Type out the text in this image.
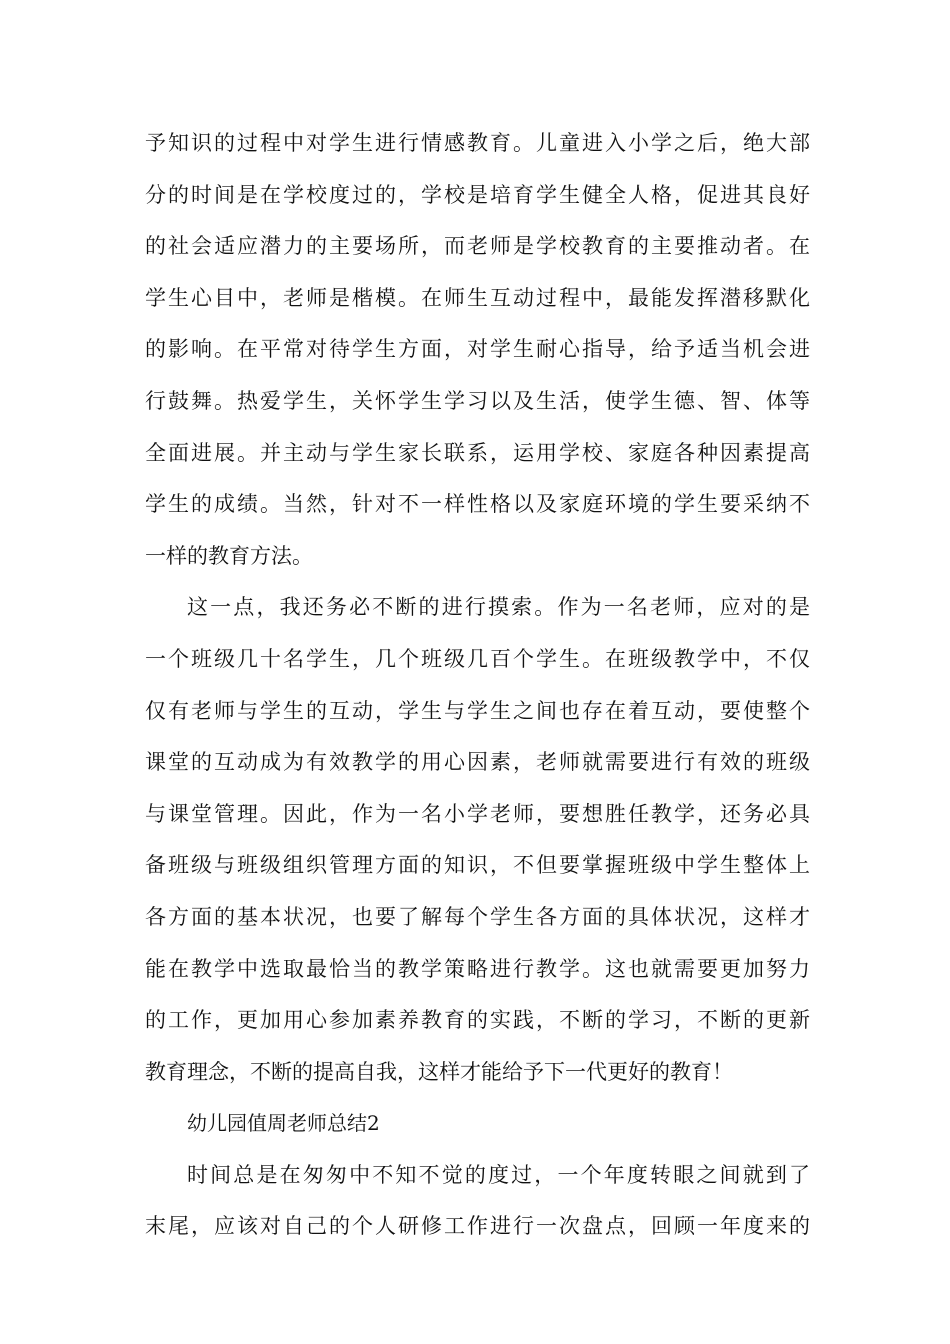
予知识的过程中对学生进行情感教育。儿童进入小学之后，绝大部
分的时间是在学校度过的，学校是培育学生健全人格，促进其良好
的社会适应潜力的主要场所，而老师是学校教育的主要推动者。在
学生心目中，老师是楷模。在师生互动过程中，最能发挥潜移默化
的影响。在平常对待学生方面，对学生耐心指导，给予适当机会进
行鼓舞。热爱学生，关怀学生学习以及生活，使学生德、智、体等
全面进展。并主动与学生家长联系，运用学校、家庭各种因素提高
学生的成绩。当然，针对不一样性格以及家庭环境的学生要采纳不
一样的教育方法。
这一点，我还务必不断的进行摸索。作为一名老师，应对的是
一个班级几十名学生，几个班级几百个学生。在班级教学中，不仅
仅有老师与学生的互动，学生与学生之间也存在着互动，要使整个
课堂的互动成为有效教学的用心因素，老师就需要进行有效的班级
与课堂管理。因此，作为一名小学老师，要想胜任教学，还务必具
备班级与班级组织管理方面的知识，不但要掌握班级中学生整体上
各方面的基本状况，也要了解每个学生各方面的具体状况，这样才
能在教学中选取最恰当的教学策略进行教学。这也就需要更加努力
的工作，更加用心参加素养教育的实践，不断的学习，不断的更新
教育理念，不断的提高自我，这样才能给予下一代更好的教育！
幼儿园值周老师总结2
时间总是在匆匆中不知不觉的度过，一个年度转眼之间就到了
末尾，应该对自己的个人研修工作进行一次盘点，回顾一年度来的
